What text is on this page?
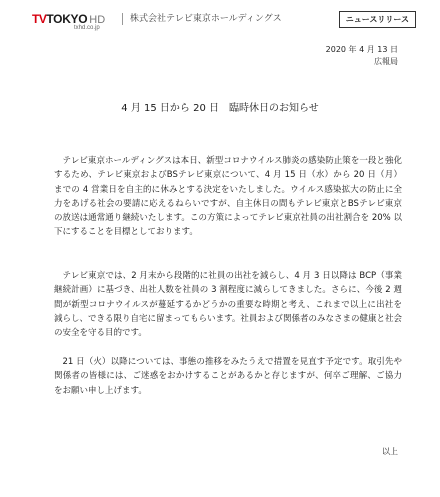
TVTOKYO HD
txhd.co.jp
株式会社テレビ東京ホールディングス	ニュースリリース
2020 年 4 月 13 日
広報局
4 月 15 日から 20 日　臨時休日のお知らせ

テレビ東京ホールディングスは本日、新型コロナウイルス肺炎の感染防止策を一段と強化するため、テレビ東京およびBSテレビ東京について、4 月 15 日（水）から 20 日（月）までの 4 営業日を自主的に休みとする決定をいたしました。ウイルス感染拡大の防止に全力をあげる社会の要請に応えるねらいですが、自主休日の間もテレビ東京とBSテレビ東京の放送は通常通り継続いたします。この方策によってテレビ東京社員の出社割合を 20% 以下にすることを目標としております。

テレビ東京では、2 月末から段階的に社員の出社を減らし、4 月 3 日以降は BCP（事業継続計画）に基づき、出社人数を社員の 3 割程度に減らしてきました。さらに、今後 2 週間が新型コロナウイルスが蔓延するかどうかの重要な時期と考え、これまで以上に出社を減らし、できる限り自宅に留まってもらいます。社員および関係者のみなさまの健康と社会の安全を守る目的です。

21 日（火）以降については、事態の推移をみたうえで措置を見直す予定です。取引先や関係者の皆様には、ご迷惑をおかけすることがあるかと存じますが、何卒ご理解、ご協力をお願い申し上げます。

以上
